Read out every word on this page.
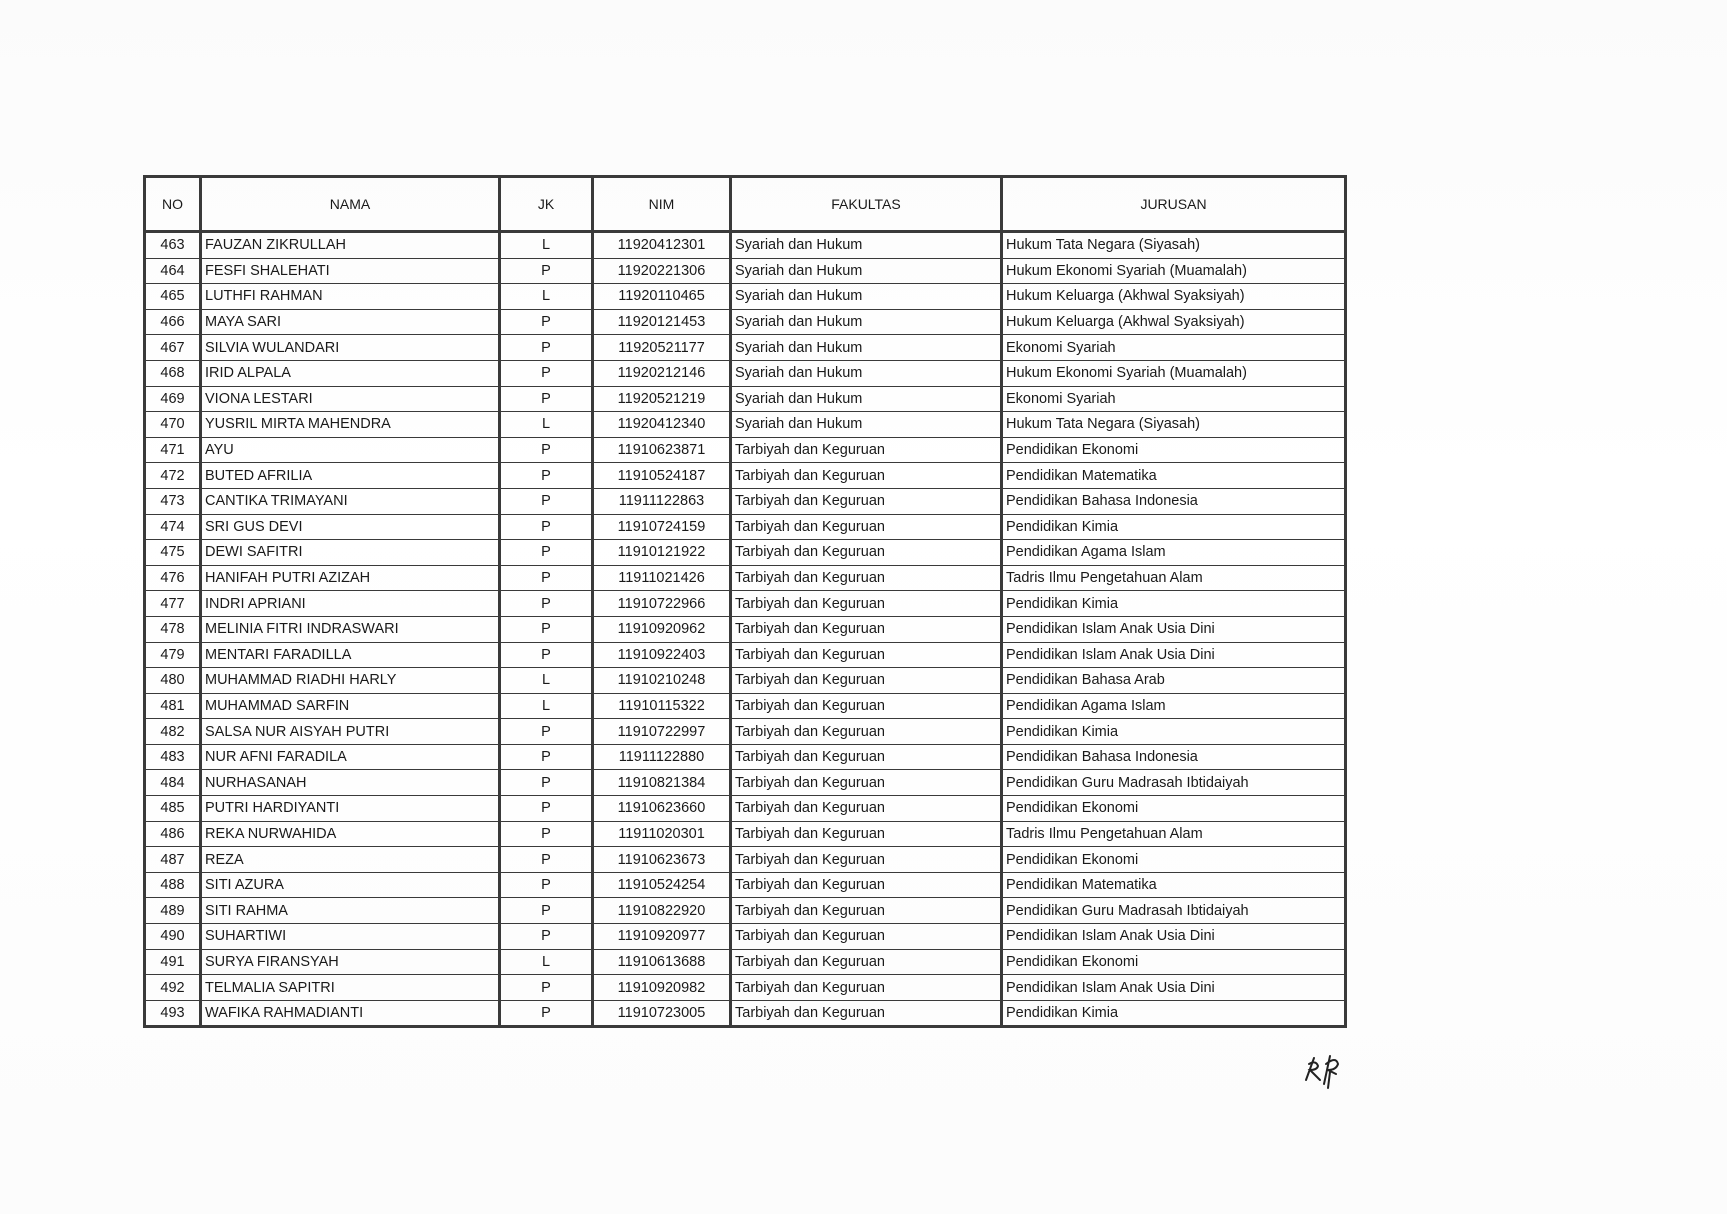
NO	NAMA	JK	NIM	FAKULTAS	JURUSAN
463	FAUZAN ZIKRULLAH	L	11920412301	Syariah dan Hukum	Hukum Tata Negara (Siyasah)
464	FESFI SHALEHATI	P	11920221306	Syariah dan Hukum	Hukum Ekonomi Syariah (Muamalah)
465	LUTHFI RAHMAN	L	11920110465	Syariah dan Hukum	Hukum Keluarga (Akhwal Syaksiyah)
466	MAYA SARI	P	11920121453	Syariah dan Hukum	Hukum Keluarga (Akhwal Syaksiyah)
467	SILVIA WULANDARI	P	11920521177	Syariah dan Hukum	Ekonomi Syariah
468	IRID ALPALA	P	11920212146	Syariah dan Hukum	Hukum Ekonomi Syariah (Muamalah)
469	VIONA LESTARI	P	11920521219	Syariah dan Hukum	Ekonomi Syariah
470	YUSRIL MIRTA MAHENDRA	L	11920412340	Syariah dan Hukum	Hukum Tata Negara (Siyasah)
471	AYU	P	11910623871	Tarbiyah dan Keguruan	Pendidikan Ekonomi
472	BUTED AFRILIA	P	11910524187	Tarbiyah dan Keguruan	Pendidikan Matematika
473	CANTIKA TRIMAYANI	P	11911122863	Tarbiyah dan Keguruan	Pendidikan Bahasa Indonesia
474	SRI GUS DEVI	P	11910724159	Tarbiyah dan Keguruan	Pendidikan Kimia
475	DEWI SAFITRI	P	11910121922	Tarbiyah dan Keguruan	Pendidikan Agama Islam
476	HANIFAH PUTRI AZIZAH	P	11911021426	Tarbiyah dan Keguruan	Tadris Ilmu Pengetahuan Alam
477	INDRI APRIANI	P	11910722966	Tarbiyah dan Keguruan	Pendidikan Kimia
478	MELINIA FITRI INDRASWARI	P	11910920962	Tarbiyah dan Keguruan	Pendidikan Islam Anak Usia Dini
479	MENTARI FARADILLA	P	11910922403	Tarbiyah dan Keguruan	Pendidikan Islam Anak Usia Dini
480	MUHAMMAD RIADHI HARLY	L	11910210248	Tarbiyah dan Keguruan	Pendidikan Bahasa Arab
481	MUHAMMAD SARFIN	L	11910115322	Tarbiyah dan Keguruan	Pendidikan Agama Islam
482	SALSA NUR AISYAH PUTRI	P	11910722997	Tarbiyah dan Keguruan	Pendidikan Kimia
483	NUR AFNI FARADILA	P	11911122880	Tarbiyah dan Keguruan	Pendidikan Bahasa Indonesia
484	NURHASANAH	P	11910821384	Tarbiyah dan Keguruan	Pendidikan Guru Madrasah Ibtidaiyah
485	PUTRI HARDIYANTI	P	11910623660	Tarbiyah dan Keguruan	Pendidikan Ekonomi
486	REKA NURWAHIDA	P	11911020301	Tarbiyah dan Keguruan	Tadris Ilmu Pengetahuan Alam
487	REZA	P	11910623673	Tarbiyah dan Keguruan	Pendidikan Ekonomi
488	SITI AZURA	P	11910524254	Tarbiyah dan Keguruan	Pendidikan Matematika
489	SITI RAHMA	P	11910822920	Tarbiyah dan Keguruan	Pendidikan Guru Madrasah Ibtidaiyah
490	SUHARTIWI	P	11910920977	Tarbiyah dan Keguruan	Pendidikan Islam Anak Usia Dini
491	SURYA FIRANSYAH	L	11910613688	Tarbiyah dan Keguruan	Pendidikan Ekonomi
492	TELMALIA SAPITRI	P	11910920982	Tarbiyah dan Keguruan	Pendidikan Islam Anak Usia Dini
493	WAFIKA RAHMADIANTI	P	11910723005	Tarbiyah dan Keguruan	Pendidikan Kimia
